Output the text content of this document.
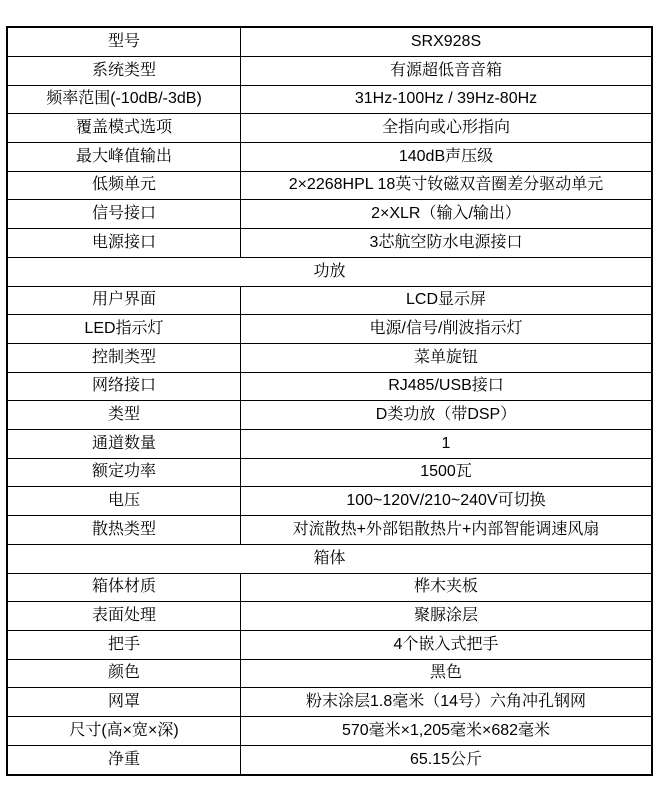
型号	SRX928S
系统类型	有源超低音音箱
频率范围(-10dB/-3dB)	31Hz-100Hz / 39Hz-80Hz
覆盖模式选项	全指向或心形指向
最大峰值输出	140dB声压级
低频单元	2×2268HPL 18英寸钕磁双音圈差分驱动单元
信号接口	2×XLR（输入/输出）
电源接口	3芯航空防水电源接口
功放	
用户界面	LCD显示屏
LED指示灯	电源/信号/削波指示灯
控制类型	菜单旋钮
网络接口	RJ485/USB接口
类型	D类功放（带DSP）
通道数量	1
额定功率	1500瓦
电压	100~120V/210~240V可切换
散热类型	对流散热+外部铝散热片+内部智能调速风扇
箱体	
箱体材质	桦木夹板
表面处理	聚脲涂层
把手	4个嵌入式把手
颜色	黑色
网罩	粉末涂层1.8毫米（14号）六角冲孔钢网
尺寸(高×宽×深)	570毫米×1,205毫米×682毫米
净重	65.15公斤
